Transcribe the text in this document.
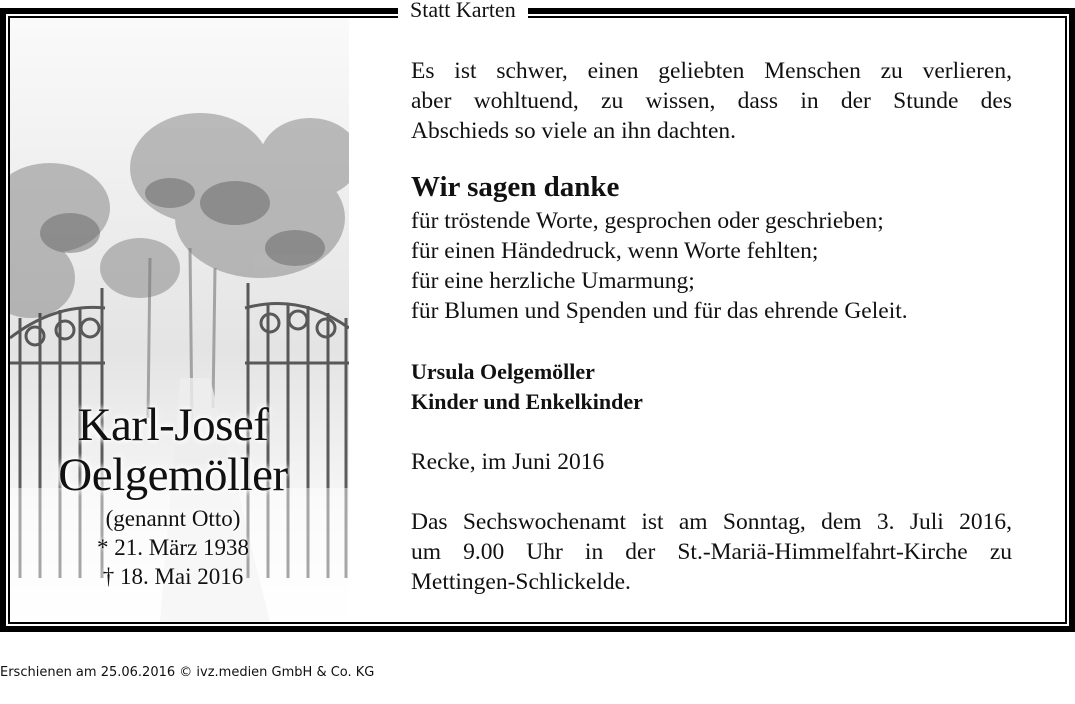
Statt Karten
Karl-Josef
Oelgemöller
(genannt Otto)
* 21. März 1938
† 18. Mai 2016
Es ist schwer, einen geliebten Menschen zu verlieren,
aber wohltuend, zu wissen, dass in der Stunde des
Abschieds so viele an ihn dachten.
Wir sagen danke
für tröstende Worte, gesprochen oder geschrieben;
für einen Händedruck, wenn Worte fehlten;
für eine herzliche Umarmung;
für Blumen und Spenden und für das ehrende Geleit.
Ursula Oelgemöller
Kinder und Enkelkinder
Recke, im Juni 2016
Das Sechswochenamt ist am Sonntag, dem 3. Juli 2016,
um 9.00 Uhr in der St.-Mariä-Himmelfahrt-Kirche zu
Mettingen-Schlickelde.
Erschienen am 25.06.2016 © ivz.medien GmbH & Co. KG
